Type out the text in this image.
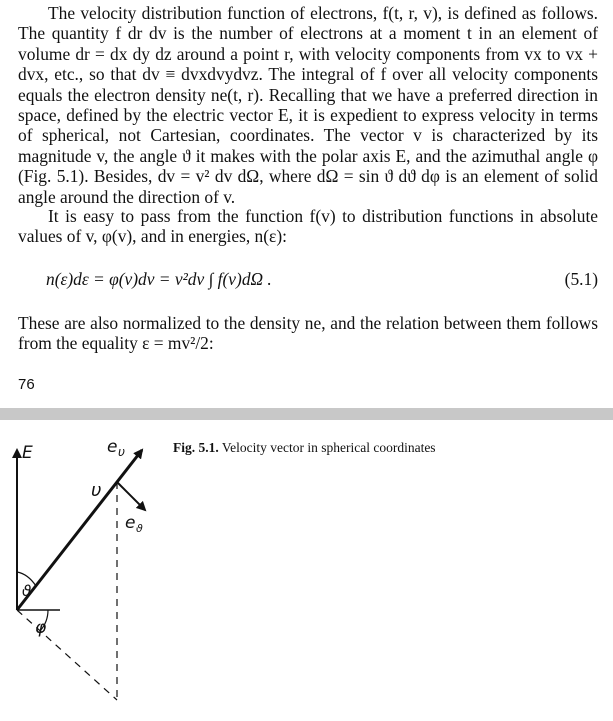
The velocity distribution function of electrons, f(t, r, v), is defined as follows. The quantity f dr dv is the number of electrons at a moment t in an element of volume dr = dx dy dz around a point r, with velocity components from vx to vx + dvx, etc., so that dv ≡ dvxdvydvz. The integral of f over all velocity components equals the electron density ne(t, r). Recalling that we have a preferred direction in space, defined by the electric vector E, it is expedient to express velocity in terms of spherical, not Cartesian, coordinates. The vector v is characterized by its magnitude v, the angle ϑ it makes with the polar axis E, and the azimuthal angle φ (Fig. 5.1). Besides, dv = v² dv dΩ, where dΩ = sin ϑ dϑ dφ is an element of solid angle around the direction of v.

It is easy to pass from the function f(v) to distribution functions in absolute values of v, φ(v), and in energies, n(ε):

n(ε)dε = φ(v)dv = v²dv ∫ f(v)dΩ .	(5.1)

These are also normalized to the density ne, and the relation between them follows from the equality ε = mv²/2:

76
Fig. 5.1. Velocity vector in spherical coordinates
E	e υ
υ
e ϑ
ϑ
φ
